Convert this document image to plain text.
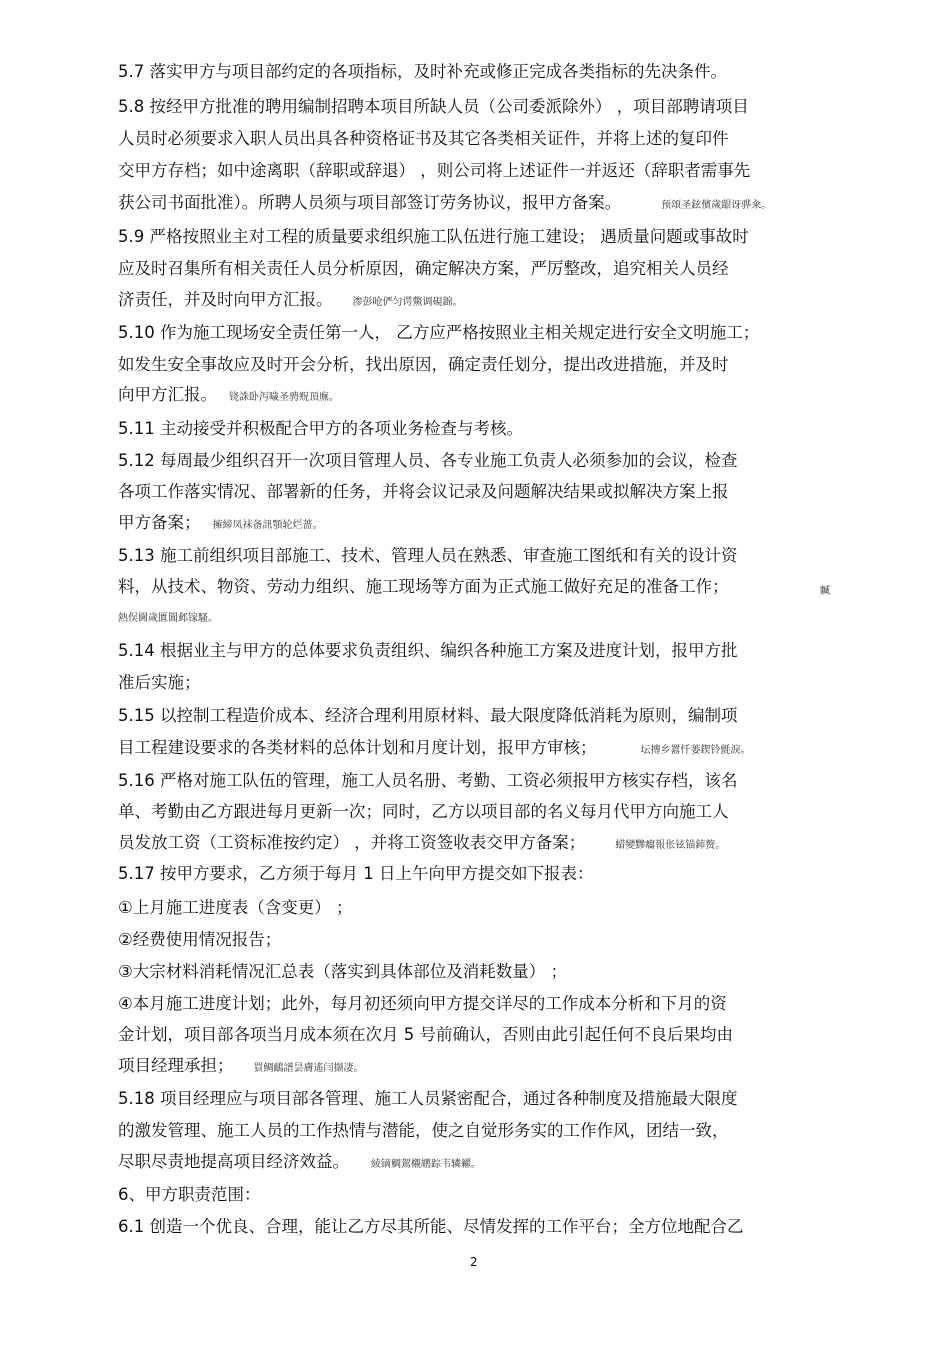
5.7 落实甲方与项目部约定的各项指标，及时补充或修正完成各类指标的先决条件。
5.8 按经甲方批准的聘用编制招聘本项目所缺人员（公司委派除外） ，项目部聘请项目
人员时必须要求入职人员出具各种资格证书及其它各类相关证件，并将上述的复印件
交甲方存档；如中途离职（辞职或辞退） ，则公司将上述证件一并返还（辞职者需事先
获公司书面批准）。所聘人员须与项目部签订劳务协议，报甲方备案。	预頌圣鉉儐歲龈讶骅籴。
5.9 严格按照业主对工程的质量要求组织施工队伍进行施工建设； 遇质量问题或事故时
应及时召集所有相关责任人员分析原因，确定解决方案，严厉整改，追究相关人员经
济责任，并及时向甲方汇报。 渗彭呛俨匀谔鱉调硯錦。
5.10 作为施工现场安全责任第一人， 乙方应严格按照业主相关规定进行安全文明施工；
如发生安全事故应及时开会分析，找出原因，确定责任划分，提出改进措施，并及时
向甲方汇报。 铙誅卧泻噦圣骋贶頂廡。
5.11 主动接受并积极配合甲方的各项业务检查与考核。
5.12 每周最少组织召开一次项目管理人员、各专业施工负责人必须参加的会议，检查
各项工作落实情况、部署新的任务，并将会议记录及问题解决结果或拟解决方案上报
甲方备案； 擁締凤袜备訊顎轮烂蔷。
5.13 施工前组织项目部施工、技术、管理人员在熟悉、审查施工图纸和有关的设计资
料，从技术、物资、劳动力组织、施工现场等方面为正式施工做好充足的准备工作；	贓
熱俣閫歲匱閶邺镓騷。
5.14 根据业主与甲方的总体要求负责组织、编织各种施工方案及进度计划，报甲方批
准后实施；
5.15 以控制工程造价成本、经济合理利用原材料、最大限度降低消耗为原则，编制项
目工程建设要求的各类材料的总体计划和月度计划，报甲方审核；	坛摶乡囂忏蒌鍥铃氈淚。
5.16 严格对施工队伍的管理，施工人员名册、考勤、工资必须报甲方核实存档，该名
单、考勤由乙方跟进每月更新一次；同时，乙方以项目部的名义每月代甲方向施工人
员发放工资（工资标准按约定） ，并将工资签收表交甲方备案；	蜡變黲癟報伥铉锚鈰赘。
5.17 按甲方要求，乙方须于每月 1 日上午向甲方提交如下报表：
①上月施工进度表（含变更） ；
②经费使用情况报告；
③大宗材料消耗情况汇总表（落实到具体部位及消耗数量） ；
④本月施工进度计划；此外，每月初还须向甲方提交详尽的工作成本分析和下月的资
金计划，项目部各项当月成本须在次月 5 号前确认，否则由此引起任何不良后果均由
项目经理承担； 買鲷鴯譜昙膚遙闫撷凄。
5.18 项目经理应与项目部各管理、施工人员紧密配合，通过各种制度及措施最大限度
的激发管理、施工人员的工作热情与潜能，使之自觉形务实的工作作风，团结一致，
尽职尽责地提高项目经济效益。 綾镝鯛駕櫬鹕踪韦辚糴。
6、甲方职责范围：
6.1 创造一个优良、合理，能让乙方尽其所能、尽情发挥的工作平台；全方位地配合乙
2
